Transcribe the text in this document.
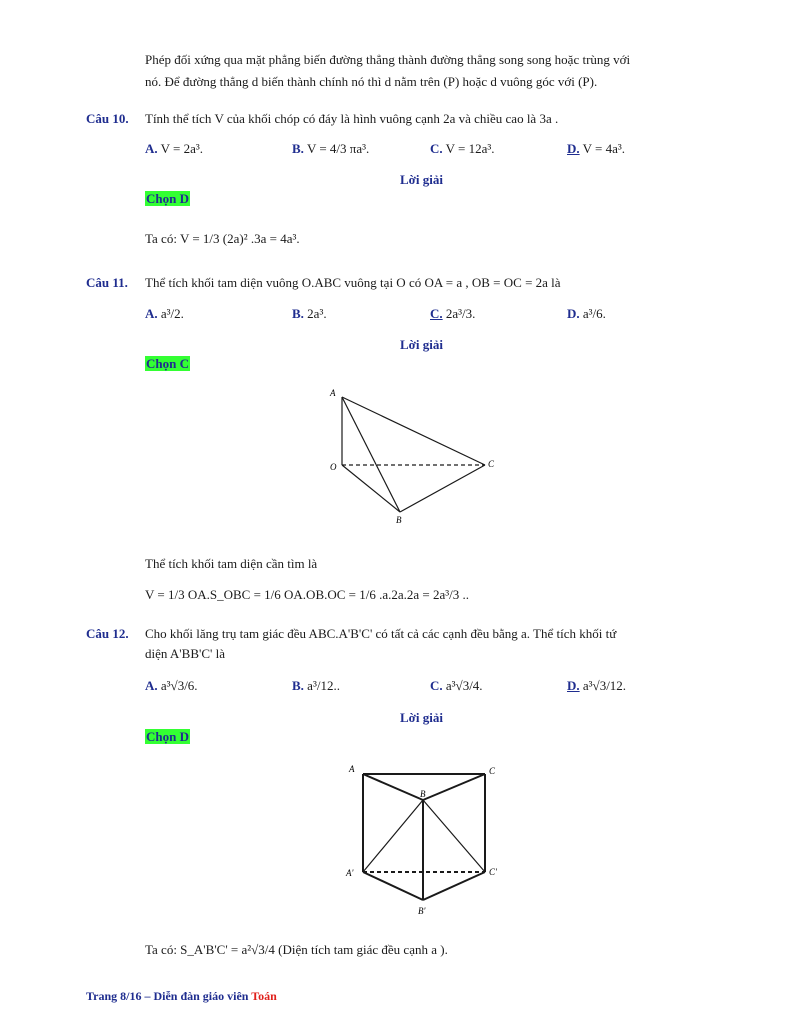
Phép đối xứng qua mặt phẳng biến đường thẳng thành đường thẳng song song hoặc trùng với
nó. Để đường thẳng d biến thành chính nó thì d nằm trên (P) hoặc d vuông góc với (P).
Câu 10. Tính thể tích V của khối chóp có đáy là hình vuông cạnh 2a và chiều cao là 3a .
A. V = 2a³.	B. V = 4/3 πa³.	C. V = 12a³.	D. V = 4a³.
Lời giải
Chọn D
Ta có: V = 1/3 (2a)² .3a = 4a³.
Câu 11. Thể tích khối tam diện vuông O.ABC vuông tại O có OA = a , OB = OC = 2a là
A. a³/2.	B. 2a³.	C. 2a³/3.	D. a³/6.
Lời giải
Chọn C
A
O	C
B
Thể tích khối tam diện cần tìm là
V = 1/3 OA.S_OBC = 1/6 OA.OB.OC = 1/6 .a.2a.2a = 2a³/3 ..
Câu 12. Cho khối lăng trụ tam giác đều ABC.A'B'C' có tất cả các cạnh đều bằng a. Thể tích khối tứ
diện A'BB'C' là
A. a³√3/6.	B. a³/12..	C. a³√3/4.	D. a³√3/12.
Lời giải
Chọn D
A	C
B
A'	C'
B'
Ta có: S_A'B'C' = a²√3/4 (Diện tích tam giác đều cạnh a ).
Trang 8/16 – Diễn đàn giáo viên Toán
